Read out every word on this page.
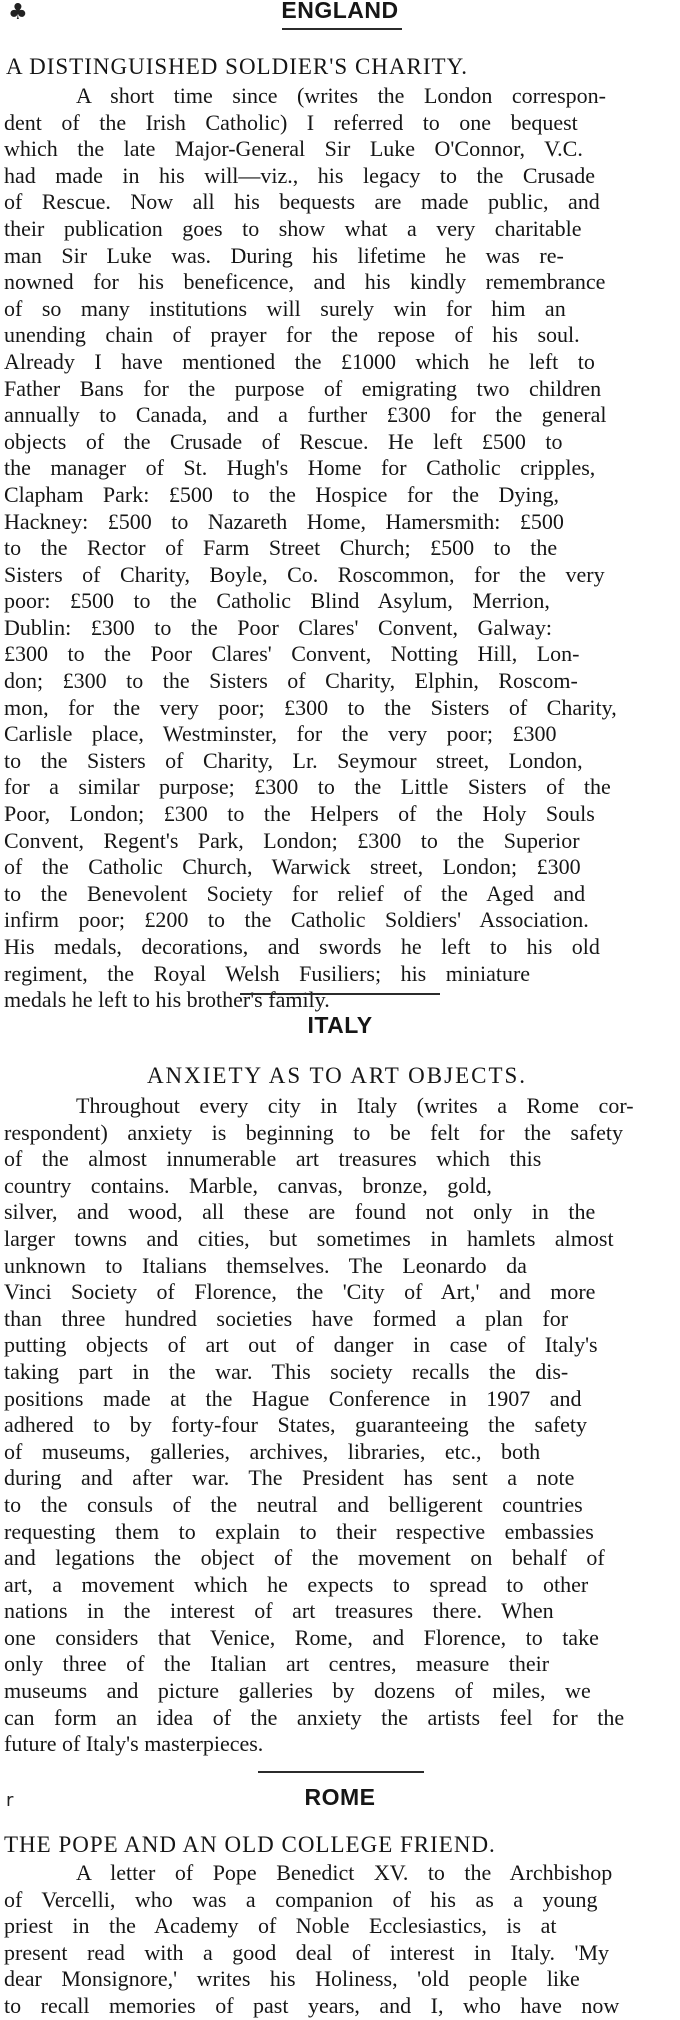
♣	ENGLAND
A DISTINGUISHED SOLDIER'S CHARITY.
A short time since (writes the London correspon-
dent of the Irish Catholic) I referred to one bequest
which the late Major-General Sir Luke O'Connor, V.C.
had made in his will—viz., his legacy to the Crusade
of Rescue. Now all his bequests are made public, and
their publication goes to show what a very charitable
man Sir Luke was. During his lifetime he was re-
nowned for his beneficence, and his kindly remembrance
of so many institutions will surely win for him an
unending chain of prayer for the repose of his soul.
Already I have mentioned the £1000 which he left to
Father Bans for the purpose of emigrating two children
annually to Canada, and a further £300 for the general
objects of the Crusade of Rescue. He left £500 to
the manager of St. Hugh's Home for Catholic cripples,
Clapham Park: £500 to the Hospice for the Dying,
Hackney: £500 to Nazareth Home, Hamersmith: £500
to the Rector of Farm Street Church; £500 to the
Sisters of Charity, Boyle, Co. Roscommon, for the very
poor: £500 to the Catholic Blind Asylum, Merrion,
Dublin: £300 to the Poor Clares' Convent, Galway:
£300 to the Poor Clares' Convent, Notting Hill, Lon-
don; £300 to the Sisters of Charity, Elphin, Roscom-
mon, for the very poor; £300 to the Sisters of Charity,
Carlisle place, Westminster, for the very poor; £300
to the Sisters of Charity, Lr. Seymour street, London,
for a similar purpose; £300 to the Little Sisters of the
Poor, London; £300 to the Helpers of the Holy Souls
Convent, Regent's Park, London; £300 to the Superior
of the Catholic Church, Warwick street, London; £300
to the Benevolent Society for relief of the Aged and
infirm poor; £200 to the Catholic Soldiers' Association.
His medals, decorations, and swords he left to his old
regiment, the Royal Welsh Fusiliers; his miniature
medals he left to his brother's family.
ITALY
ANXIETY AS TO ART OBJECTS.
Throughout every city in Italy (writes a Rome cor-
respondent) anxiety is beginning to be felt for the safety
of the almost innumerable art treasures which this
country contains. Marble, canvas, bronze, gold,
silver, and wood, all these are found not only in the
larger towns and cities, but sometimes in hamlets almost
unknown to Italians themselves. The Leonardo da
Vinci Society of Florence, the 'City of Art,' and more
than three hundred societies have formed a plan for
putting objects of art out of danger in case of Italy's
taking part in the war. This society recalls the dis-
positions made at the Hague Conference in 1907 and
adhered to by forty-four States, guaranteeing the safety
of museums, galleries, archives, libraries, etc., both
during and after war. The President has sent a note
to the consuls of the neutral and belligerent countries
requesting them to explain to their respective embassies
and legations the object of the movement on behalf of
art, a movement which he expects to spread to other
nations in the interest of art treasures there. When
one considers that Venice, Rome, and Florence, to take
only three of the Italian art centres, measure their
museums and picture galleries by dozens of miles, we
can form an idea of the anxiety the artists feel for the
future of Italy's masterpieces.
r	ROME
THE POPE AND AN OLD COLLEGE FRIEND.
A letter of Pope Benedict XV. to the Archbishop
of Vercelli, who was a companion of his as a young
priest in the Academy of Noble Ecclesiastics, is at
present read with a good deal of interest in Italy. 'My
dear Monsignore,' writes his Holiness, 'old people like
to recall memories of past years, and I, who have now
